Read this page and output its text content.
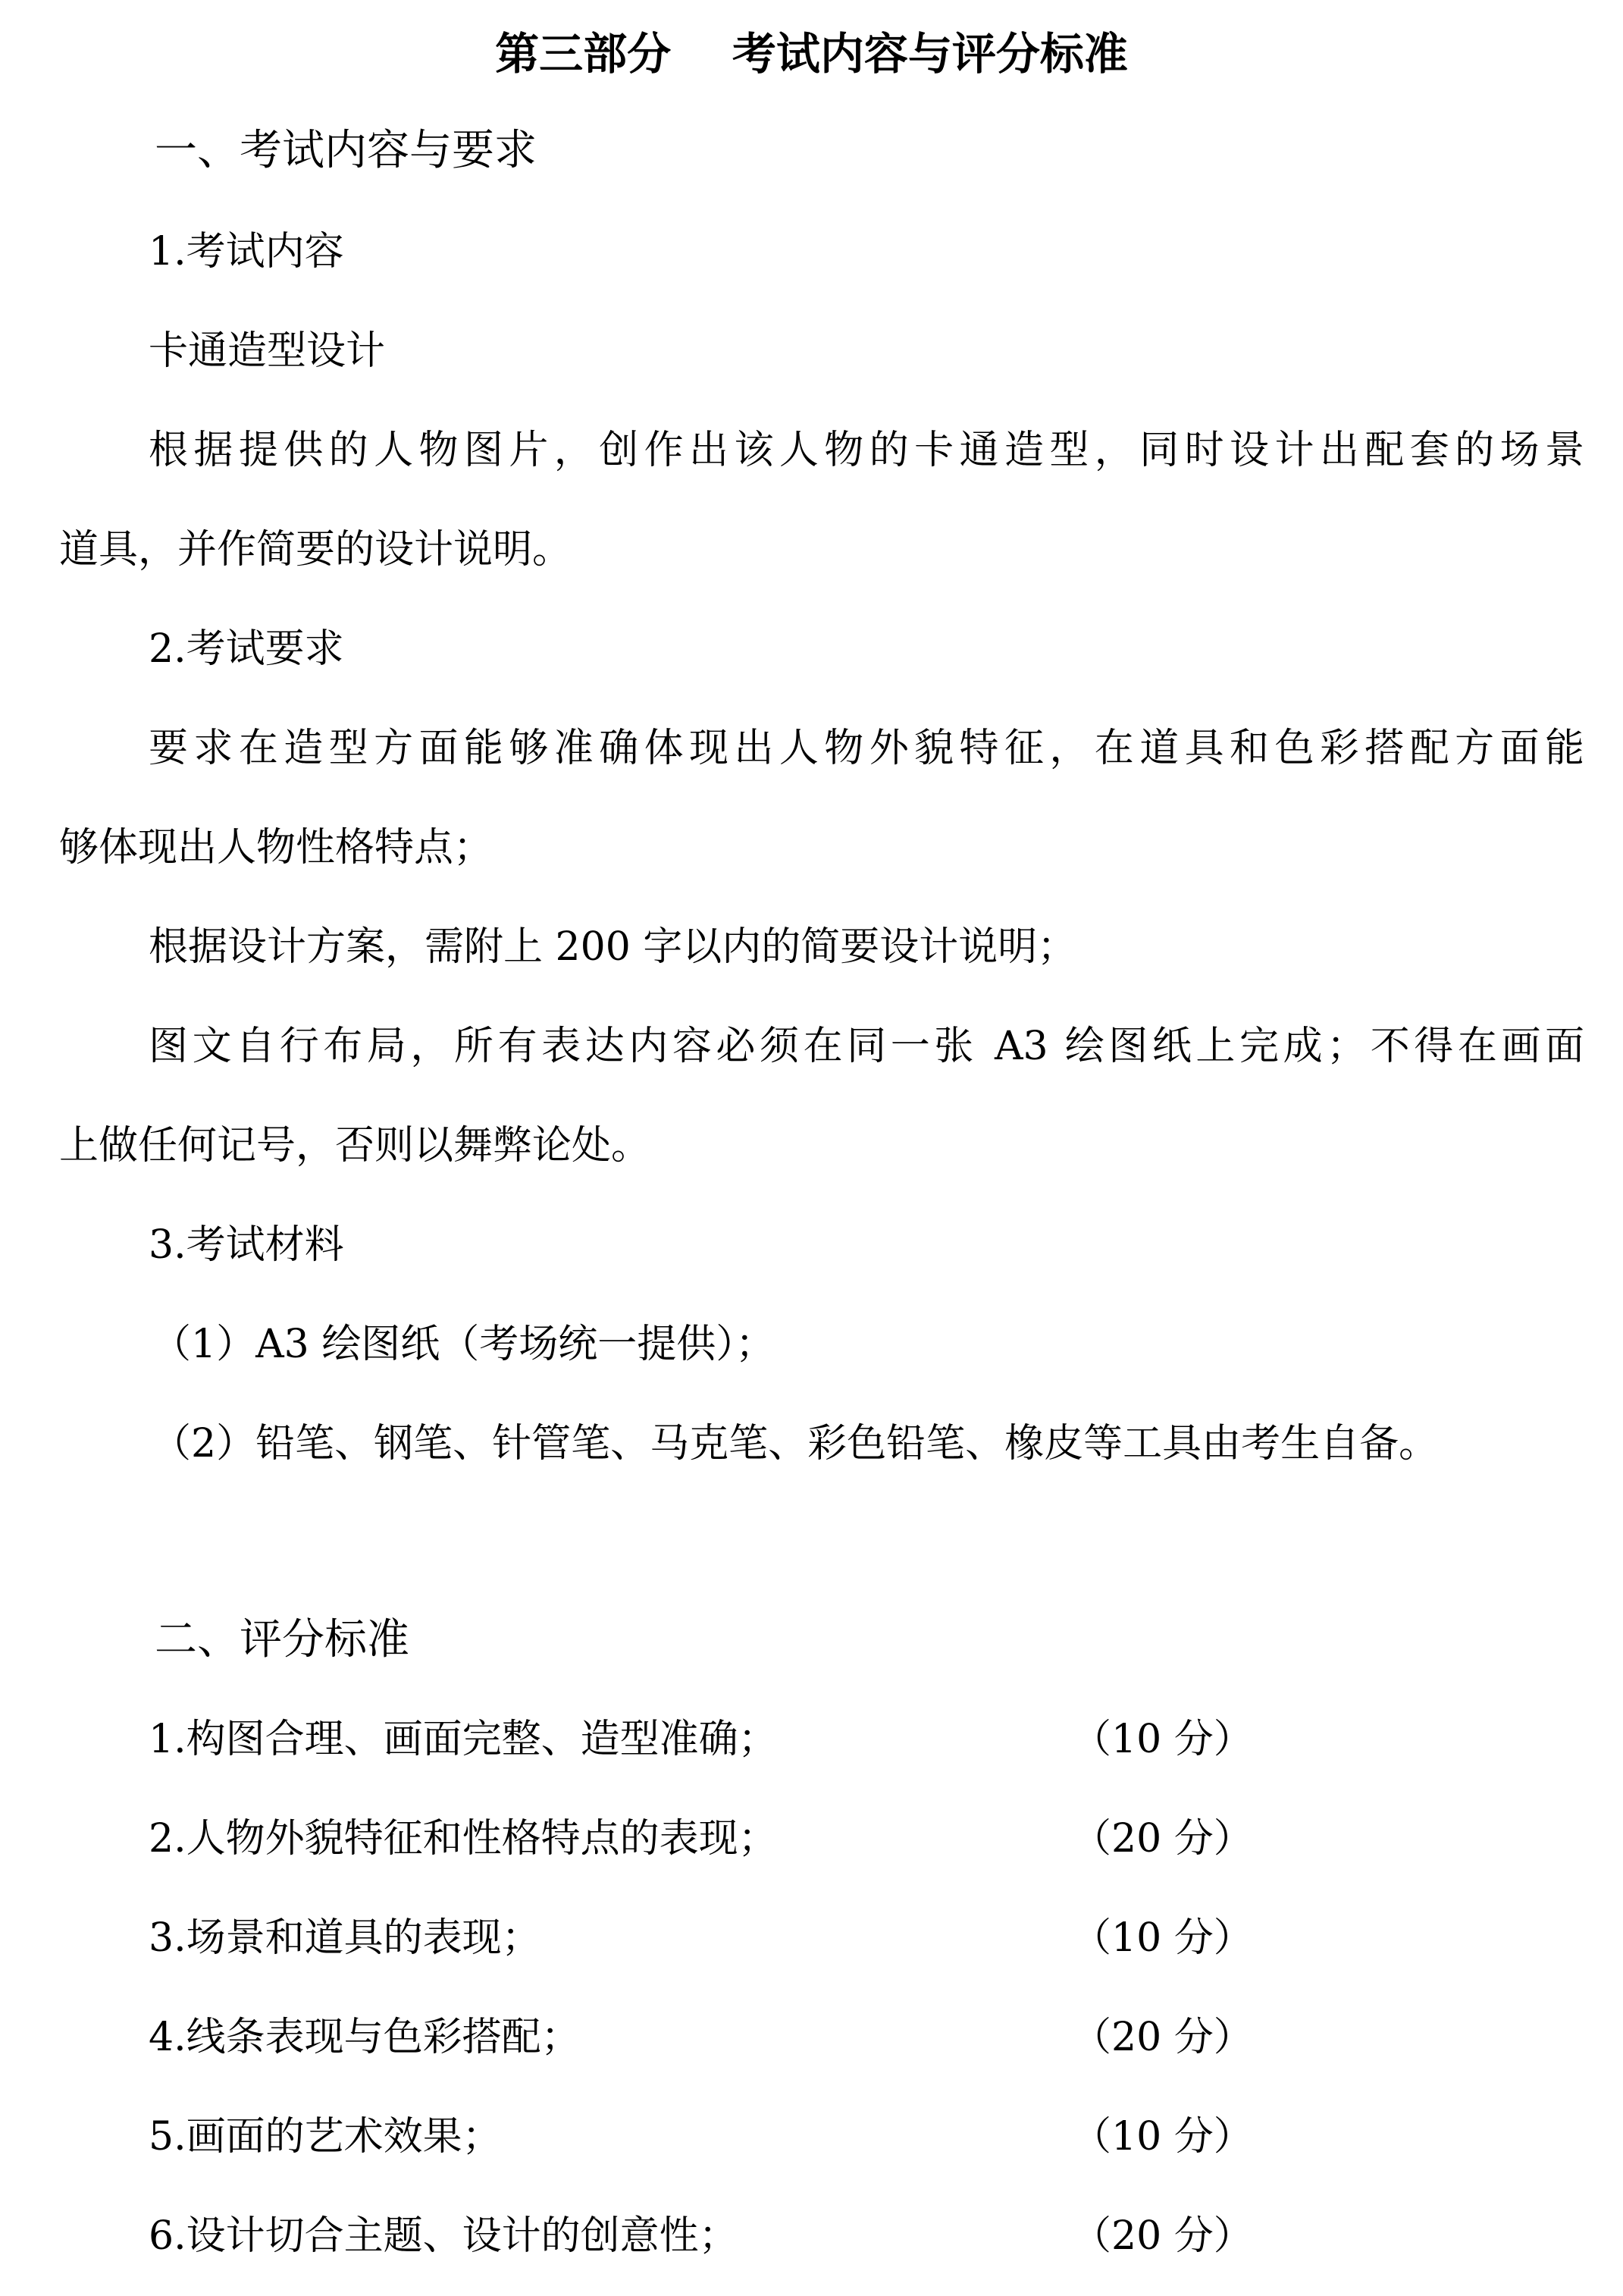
第三部分    考试内容与评分标准
一、考试内容与要求
1.考试内容
卡通造型设计
根据提供的人物图片，创作出该人物的卡通造型，同时设计出配套的场景
道具，并作简要的设计说明。
2.考试要求
要求在造型方面能够准确体现出人物外貌特征，在道具和色彩搭配方面能
够体现出人物性格特点；
根据设计方案，需附上 200 字以内的简要设计说明；
图文自行布局，所有表达内容必须在同一张 A3 绘图纸上完成；不得在画面
上做任何记号，否则以舞弊论处。
3.考试材料
（1）A3 绘图纸（考场统一提供）；
（2）铅笔、钢笔、针管笔、马克笔、彩色铅笔、橡皮等工具由考生自备。
二、评分标准
1.构图合理、画面完整、造型准确；	（10 分）
2.人物外貌特征和性格特点的表现；	（20 分）
3.场景和道具的表现；	（10 分）
4.线条表现与色彩搭配；	（20 分）
5.画面的艺术效果；	（10 分）
6.设计切合主题、设计的创意性；	（20 分）
